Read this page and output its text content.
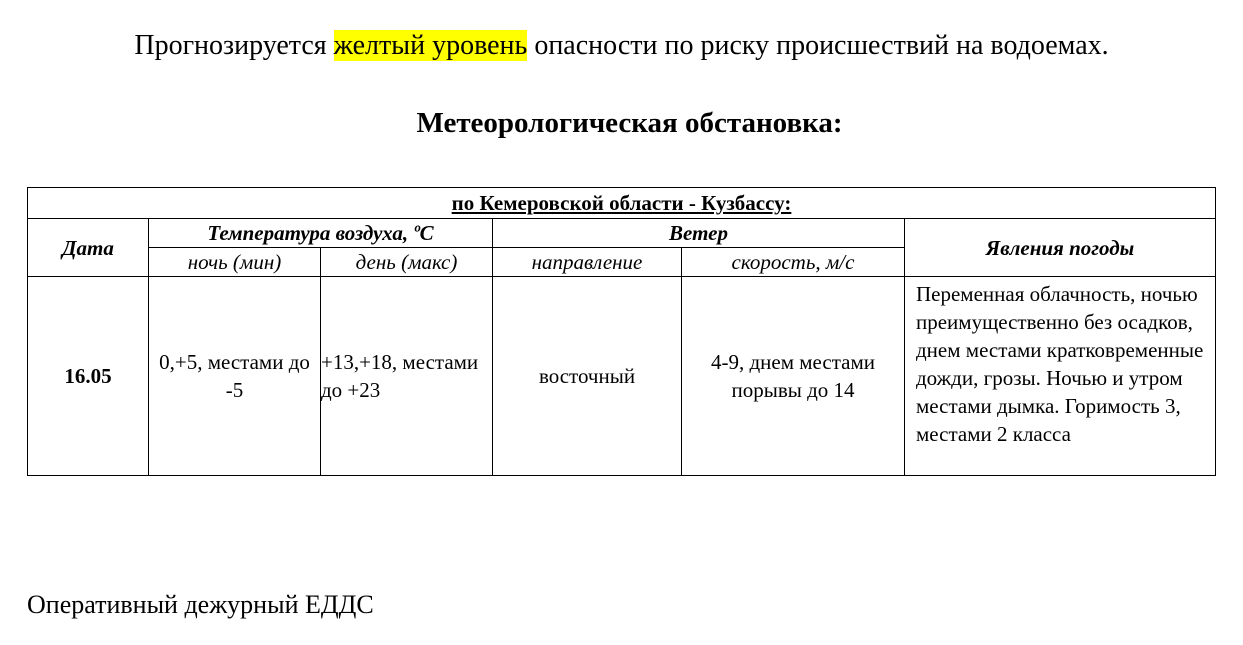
Прогнозируется желтый уровень опасности по риску происшествий на водоемах.
Метеорологическая обстановка:
по Кемеровской области - Кузбассу:					
Дата	Температура воздуха, ºС		Ветер		Явления погоды
	ночь (мин)	день (макс)	направление	скорость, м/с	
16.05	0,+5, местами до -5	+13,+18, местами до +23	восточный	4-9, днем местами порывы до 14	Переменная облачность, ночью преимущественно без осадков, днем местами кратковременные дожди, грозы. Ночью и утром местами дымка. Горимость 3, местами 2 класса
Оперативный дежурный ЕДДС
